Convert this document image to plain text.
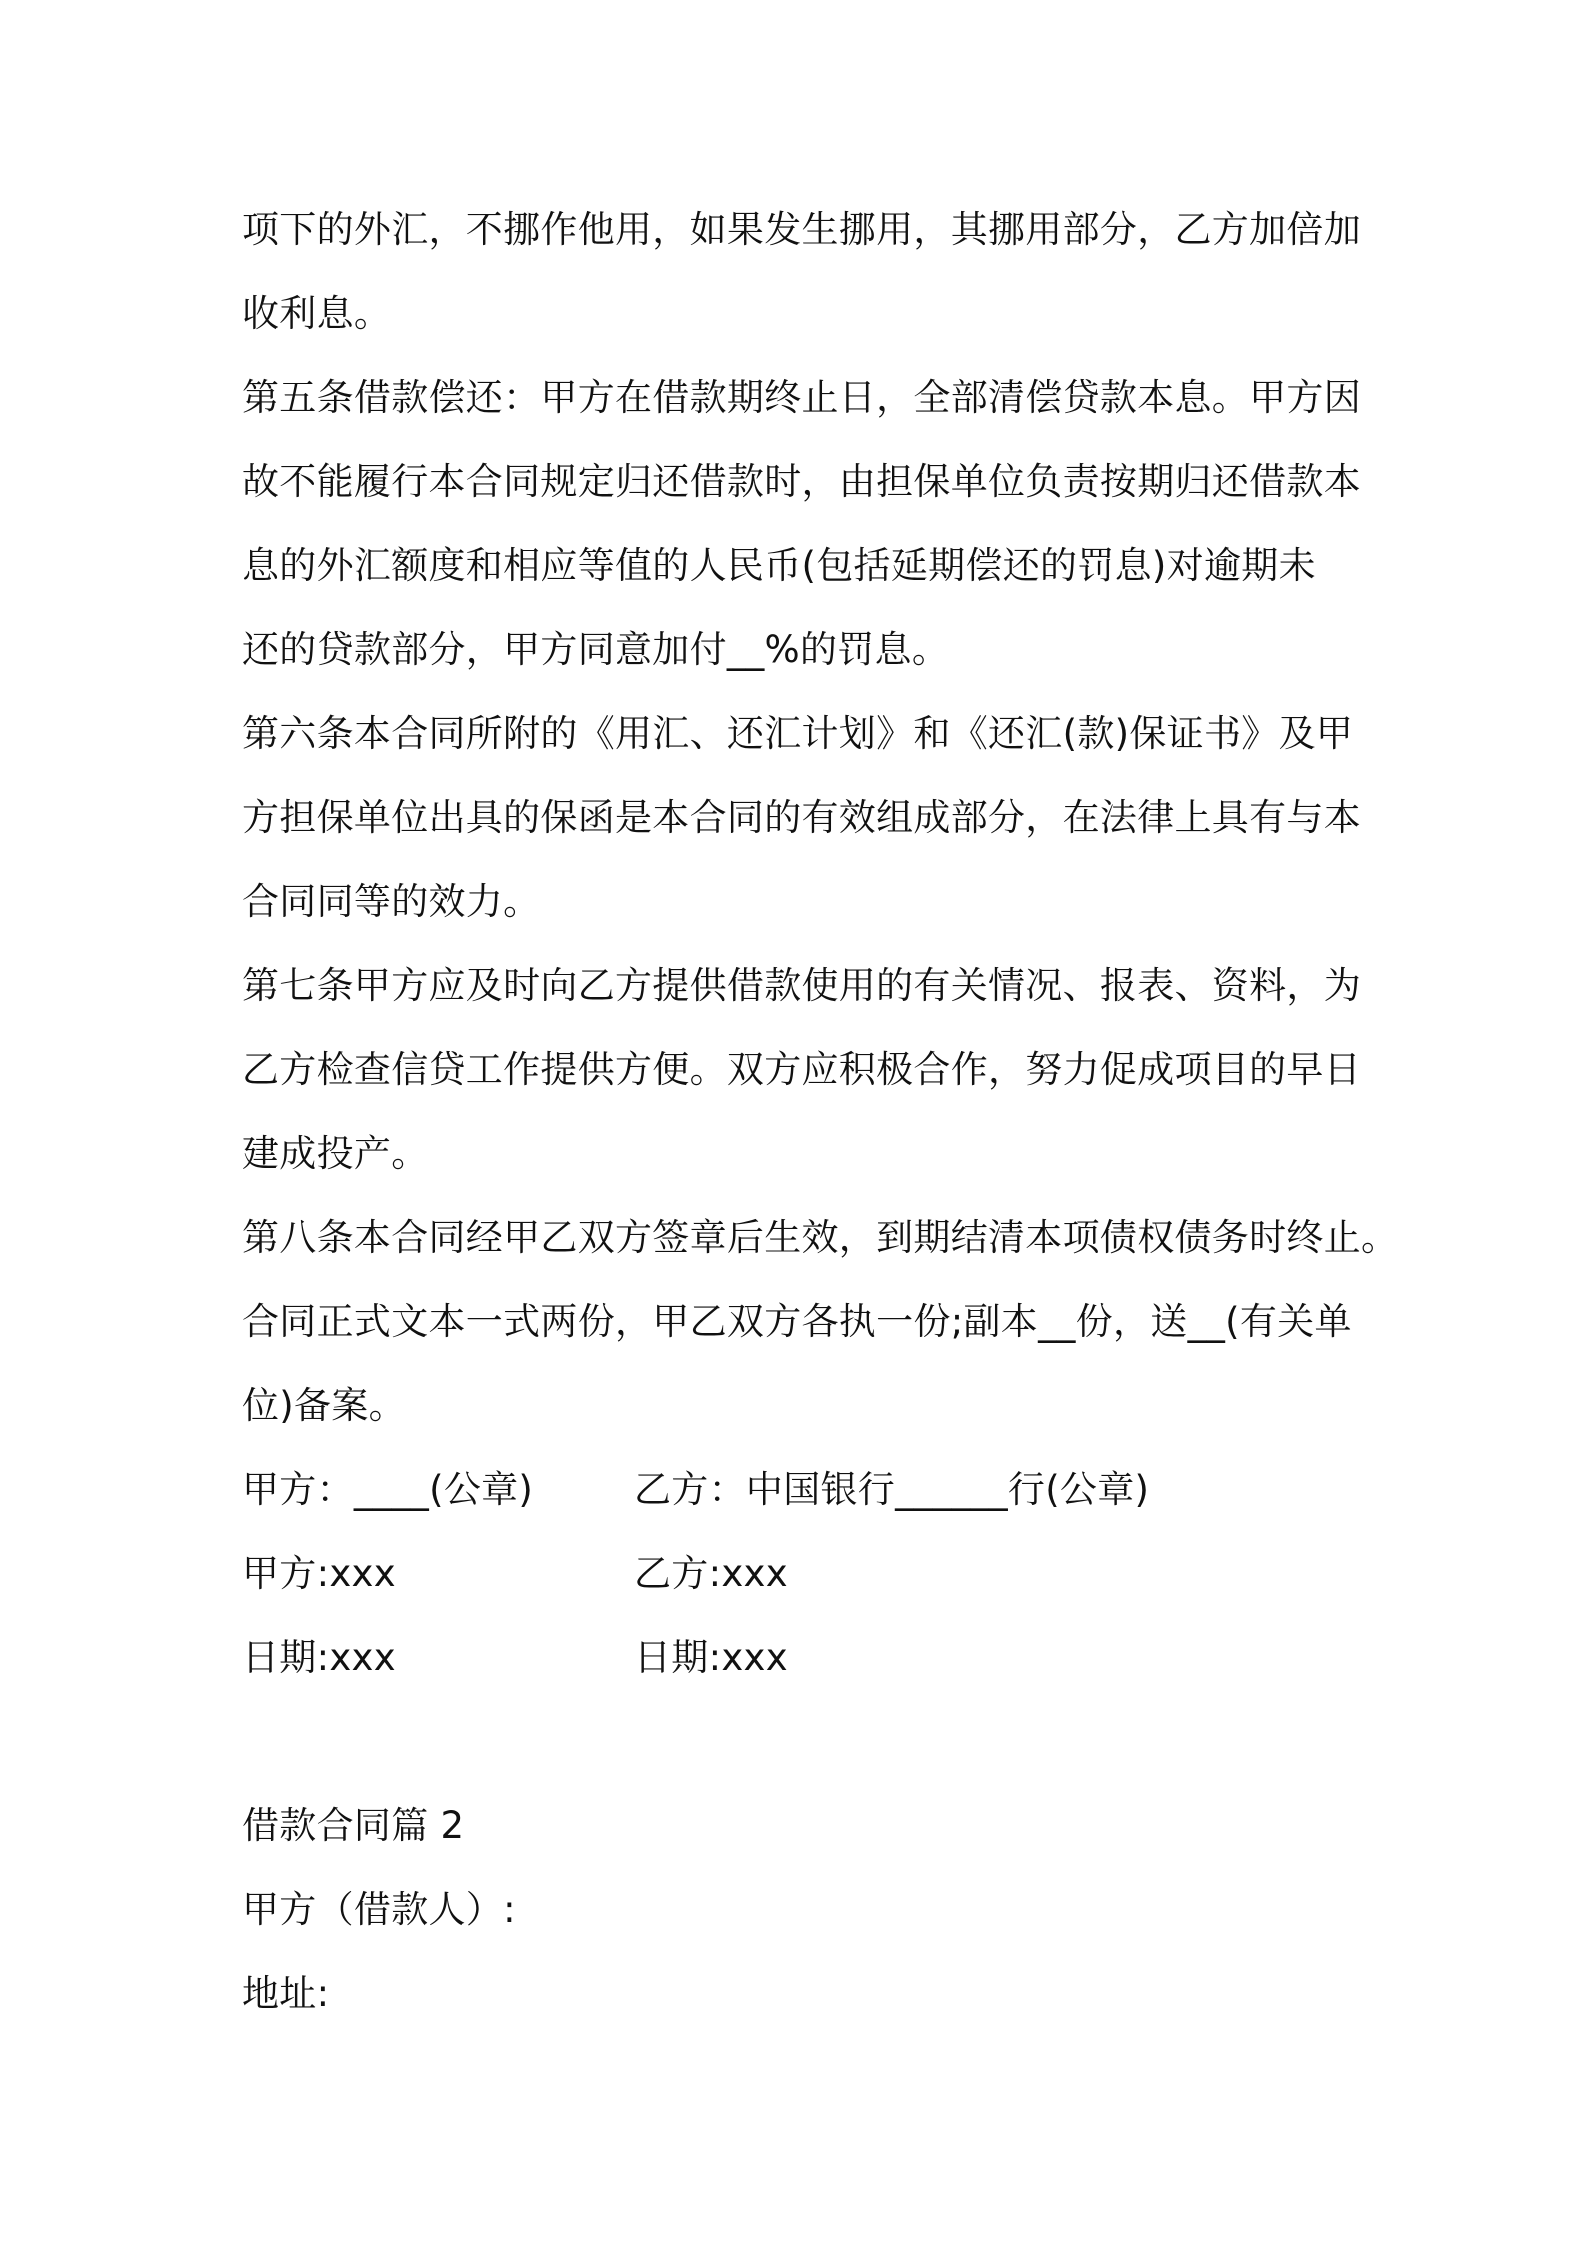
项下的外汇，不挪作他用，如果发生挪用，其挪用部分，乙方加倍加
收利息。
第五条借款偿还：甲方在借款期终止日，全部清偿贷款本息。甲方因
故不能履行本合同规定归还借款时，由担保单位负责按期归还借款本
息的外汇额度和相应等值的人民币(包括延期偿还的罚息)对逾期未
还的贷款部分，甲方同意加付__%的罚息。
第六条本合同所附的《用汇、还汇计划》和《还汇(款)保证书》及甲
方担保单位出具的保函是本合同的有效组成部分，在法律上具有与本
合同同等的效力。
第七条甲方应及时向乙方提供借款使用的有关情况、报表、资料，为
乙方检查信贷工作提供方便。双方应积极合作，努力促成项目的早日
建成投产。
第八条本合同经甲乙双方签章后生效，到期结清本项债权债务时终止。
合同正式文本一式两份，甲乙双方各执一份;副本__份，送__(有关单
位)备案。
甲方：____(公章)	乙方：中国银行______行(公章)
甲方:xxx	乙方:xxx
日期:xxx	日期:xxx
借款合同篇 2
甲方（借款人）:
地址:
